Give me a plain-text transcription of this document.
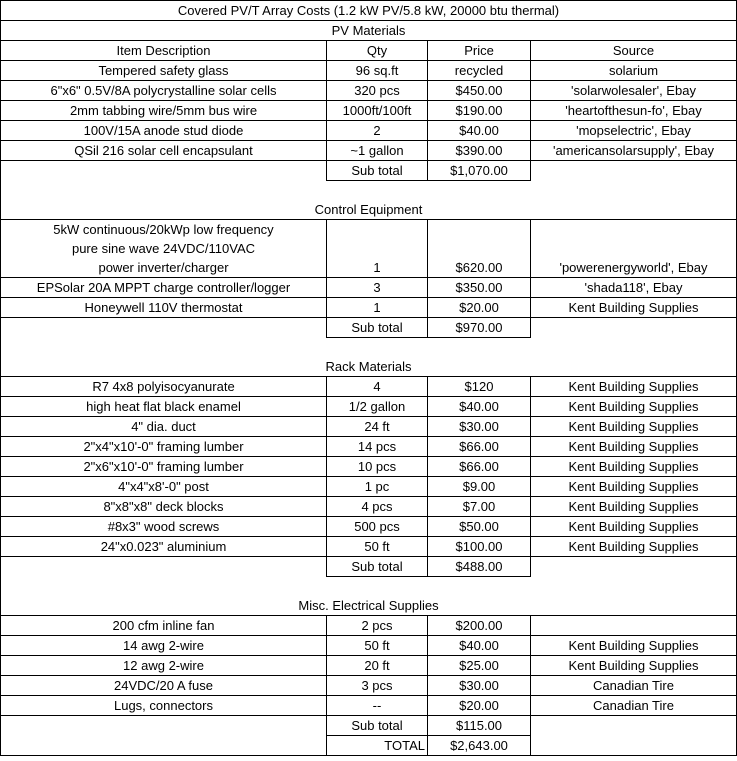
Covered PV/T Array Costs (1.2 kW PV/5.8 kW, 20000 btu thermal)			
PV Materials			
Item Description	Qty	Price	Source
Tempered safety glass	96 sq.ft	recycled	solarium
6"x6" 0.5V/8A polycrystalline solar cells	320 pcs	$450.00	'solarwolesaler', Ebay
2mm tabbing wire/5mm bus wire	1000ft/100ft	$190.00	'heartofthesun-fo', Ebay
100V/15A anode stud diode	2	$40.00	'mopselectric', Ebay
QSil 216 solar cell encapsulant	~1 gallon	$390.00	'americansolarsupply', Ebay
	Sub total	$1,070.00	

Control Equipment			
5kW continuous/20kWp low frequency			
pure sine wave 24VDC/110VAC			
power inverter/charger	1	$620.00	'powerenergyworld', Ebay
EPSolar 20A MPPT charge controller/logger	3	$350.00	'shada118', Ebay
Honeywell 110V thermostat	1	$20.00	Kent Building Supplies
	Sub total	$970.00	

Rack Materials			
R7 4x8 polyisocyanurate	4	$120	Kent Building Supplies
high heat flat black enamel	1/2 gallon	$40.00	Kent Building Supplies
4" dia. duct	24 ft	$30.00	Kent Building Supplies
2"x4"x10'-0" framing lumber	14 pcs	$66.00	Kent Building Supplies
2"x6"x10'-0" framing lumber	10 pcs	$66.00	Kent Building Supplies
4"x4"x8'-0" post	1 pc	$9.00	Kent Building Supplies
8"x8"x8" deck blocks	4 pcs	$7.00	Kent Building Supplies
#8x3" wood screws	500 pcs	$50.00	Kent Building Supplies
24"x0.023" aluminium	50 ft	$100.00	Kent Building Supplies
	Sub total	$488.00	

Misc. Electrical Supplies			
200 cfm inline fan	2 pcs	$200.00	
14 awg 2-wire	50 ft	$40.00	Kent Building Supplies
12 awg 2-wire	20 ft	$25.00	Kent Building Supplies
24VDC/20 A fuse	3 pcs	$30.00	Canadian Tire
Lugs, connectors	--	$20.00	Canadian Tire
	Sub total	$115.00	
	TOTAL	$2,643.00	
